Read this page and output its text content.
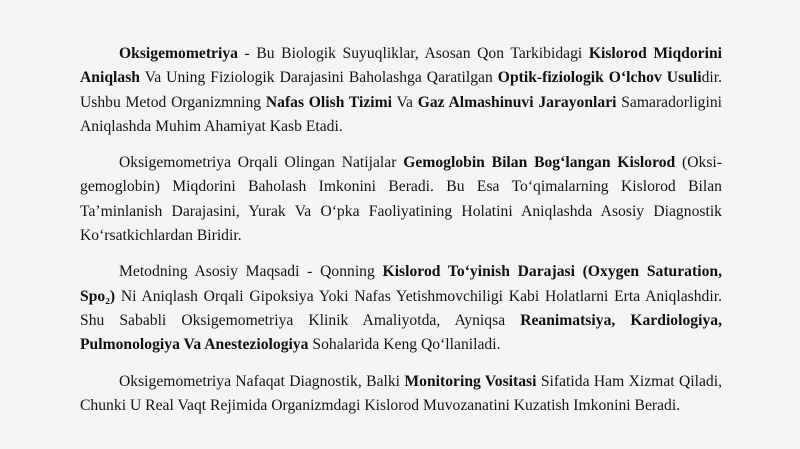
Oksigemometriya - Bu Biologik Suyuqliklar, Asosan Qon Tarkibidagi Kislorod Miqdorini Aniqlash Va Uning Fiziologik Darajasini Baholashga Qaratilgan Optik-fiziologik O‘lchov Usulidir. Ushbu Metod Organizmning Nafas Olish Tizimi Va Gaz Almashinuvi Jarayonlari Samaradorligini Aniqlashda Muhim Ahamiyat Kasb Etadi.

Oksigemometriya Orqali Olingan Natijalar Gemoglobin Bilan Bog‘langan Kislorod (Oksi-gemoglobin) Miqdorini Baholash Imkonini Beradi. Bu Esa To‘qimalarning Kislorod Bilan Ta’minlanish Darajasini, Yurak Va O‘pka Faoliyatining Holatini Aniqlashda Asosiy Diagnostik Ko‘rsatkichlardan Biridir.

Metodning Asosiy Maqsadi - Qonning Kislorod To‘yinish Darajasi (Oxygen Saturation, Spo₂) Ni Aniqlash Orqali Gipoksiya Yoki Nafas Yetishmovchiligi Kabi Holatlarni Erta Aniqlashdir. Shu Sababli Oksigemometriya Klinik Amaliyotda, Ayniqsa Reanimatsiya, Kardiologiya, Pulmonologiya Va Anesteziologiya Sohalarida Keng Qo‘llaniladi.

Oksigemometriya Nafaqat Diagnostik, Balki Monitoring Vositasi Sifatida Ham Xizmat Qiladi, Chunki U Real Vaqt Rejimida Organizmdagi Kislorod Muvozanatini Kuzatish Imkonini Beradi.
